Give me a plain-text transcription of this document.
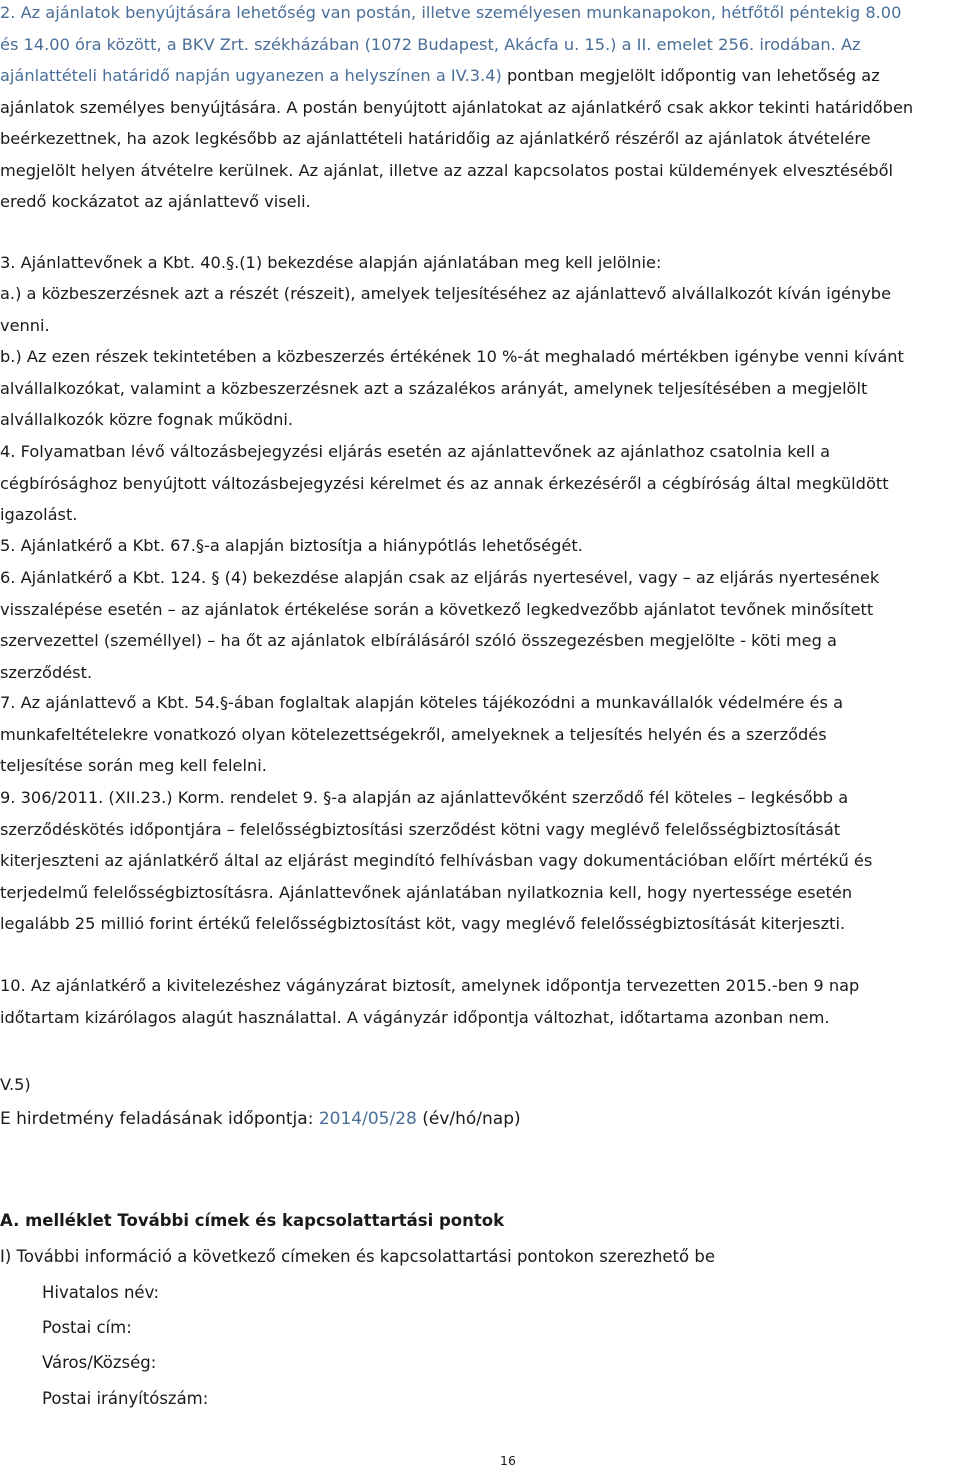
2. Az ajánlatok benyújtására lehetőség van postán, illetve személyesen munkanapokon, hétfőtől péntekig 8.00 és 14.00 óra között, a BKV Zrt. székházában (1072 Budapest, Akácfa u. 15.) a II. emelet 256. irodában. Az ajánlattételi határidő napján ugyanezen a helyszínen a IV.3.4) pontban megjelölt időpontig van lehetőség az ajánlatok személyes benyújtására. A postán benyújtott ajánlatokat az ajánlatkérő csak akkor tekinti határidőben beérkezettnek, ha azok legkésőbb az ajánlattételi határidőig az ajánlatkérő részéről az ajánlatok átvételére megjelölt helyen átvételre kerülnek. Az ajánlat, illetve az azzal kapcsolatos postai küldemények elvesztéséből eredő kockázatot az ajánlattevő viseli.

3. Ajánlattevőnek a Kbt. 40.§.(1) bekezdése alapján ajánlatában meg kell jelölnie:

a.) a közbeszerzésnek azt a részét (részeit), amelyek teljesítéséhez az ajánlattevő alvállalkozót kíván igénybe venni.

b.) Az ezen részek tekintetében a közbeszerzés értékének 10 %-át meghaladó mértékben igénybe venni kívánt alvállalkozókat, valamint a közbeszerzésnek azt a százalékos arányát, amelynek teljesítésében a megjelölt alvállalkozók közre fognak működni.

4. Folyamatban lévő változásbejegyzési eljárás esetén az ajánlattevőnek az ajánlathoz csatolnia kell a cégbírósághoz benyújtott változásbejegyzési kérelmet és az annak érkezéséről a cégbíróság által megküldött igazolást.

5. Ajánlatkérő a Kbt. 67.§-a alapján biztosítja a hiánypótlás lehetőségét.

6. Ajánlatkérő a Kbt. 124. § (4) bekezdése alapján csak az eljárás nyertesével, vagy – az eljárás nyertesének visszalépése esetén – az ajánlatok értékelése során a következő legkedvezőbb ajánlatot tevőnek minősített szervezettel (személlyel) – ha őt az ajánlatok elbírálásáról szóló összegezésben megjelölte - köti meg a szerződést.

7. Az ajánlattevő a Kbt. 54.§-ában foglaltak alapján köteles tájékozódni a munkavállalók védelmére és a munkafeltételekre vonatkozó olyan kötelezettségekről, amelyeknek a teljesítés helyén és a szerződés teljesítése során meg kell felelni.

9. 306/2011. (XII.23.) Korm. rendelet 9. §-a alapján az ajánlattevőként szerződő fél köteles – legkésőbb a szerződéskötés időpontjára – felelősségbiztosítási szerződést kötni vagy meglévő felelősségbiztosítását kiterjeszteni az ajánlatkérő által az eljárást megindító felhívásban vagy dokumentációban előírt mértékű és terjedelmű felelősségbiztosításra. Ajánlattevőnek ajánlatában nyilatkoznia kell, hogy nyertessége esetén legalább 25 millió forint értékű felelősségbiztosítást köt, vagy meglévő felelősségbiztosítását kiterjeszti.

10. Az ajánlatkérő a kivitelezéshez vágányzárat biztosít, amelynek időpontja tervezetten 2015.-ben 9 nap időtartam kizárólagos alagút használattal. A vágányzár időpontja változhat, időtartama azonban nem.

V.5)
E hirdetmény feladásának időpontja: 2014/05/28 (év/hó/nap)
A. melléklet További címek és kapcsolattartási pontok
I) További információ a következő címeken és kapcsolattartási pontokon szerezhető be
Hivatalos név:
Postai cím:
Város/Község:
Postai irányítószám:
16
